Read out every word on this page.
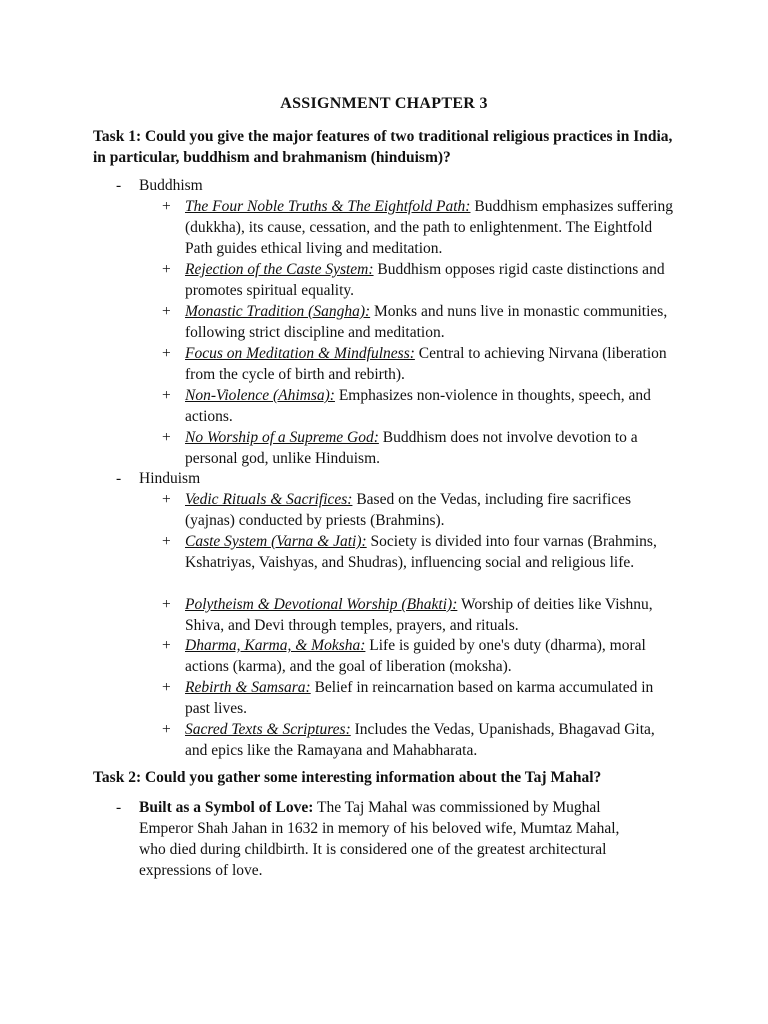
ASSIGNMENT CHAPTER 3
Task 1: Could you give the major features of two traditional religious practices in India, in particular, buddhism and brahmanism (hinduism)?
- Buddhism
+ The Four Noble Truths & The Eightfold Path: Buddhism emphasizes suffering (dukkha), its cause, cessation, and the path to enlightenment. The Eightfold Path guides ethical living and meditation.
+ Rejection of the Caste System: Buddhism opposes rigid caste distinctions and promotes spiritual equality.
+ Monastic Tradition (Sangha): Monks and nuns live in monastic communities, following strict discipline and meditation.
+ Focus on Meditation & Mindfulness: Central to achieving Nirvana (liberation from the cycle of birth and rebirth).
+ Non-Violence (Ahimsa): Emphasizes non-violence in thoughts, speech, and actions.
+ No Worship of a Supreme God: Buddhism does not involve devotion to a personal god, unlike Hinduism.
- Hinduism
+ Vedic Rituals & Sacrifices: Based on the Vedas, including fire sacrifices (yajnas) conducted by priests (Brahmins).
+ Caste System (Varna & Jati): Society is divided into four varnas (Brahmins, Kshatriyas, Vaishyas, and Shudras), influencing social and religious life.
+ Polytheism & Devotional Worship (Bhakti): Worship of deities like Vishnu, Shiva, and Devi through temples, prayers, and rituals.
+ Dharma, Karma, & Moksha: Life is guided by one's duty (dharma), moral actions (karma), and the goal of liberation (moksha).
+ Rebirth & Samsara: Belief in reincarnation based on karma accumulated in past lives.
+ Sacred Texts & Scriptures: Includes the Vedas, Upanishads, Bhagavad Gita, and epics like the Ramayana and Mahabharata.
Task 2: Could you gather some interesting information about the Taj Mahal?
- Built as a Symbol of Love: The Taj Mahal was commissioned by Mughal Emperor Shah Jahan in 1632 in memory of his beloved wife, Mumtaz Mahal, who died during childbirth. It is considered one of the greatest architectural expressions of love.
